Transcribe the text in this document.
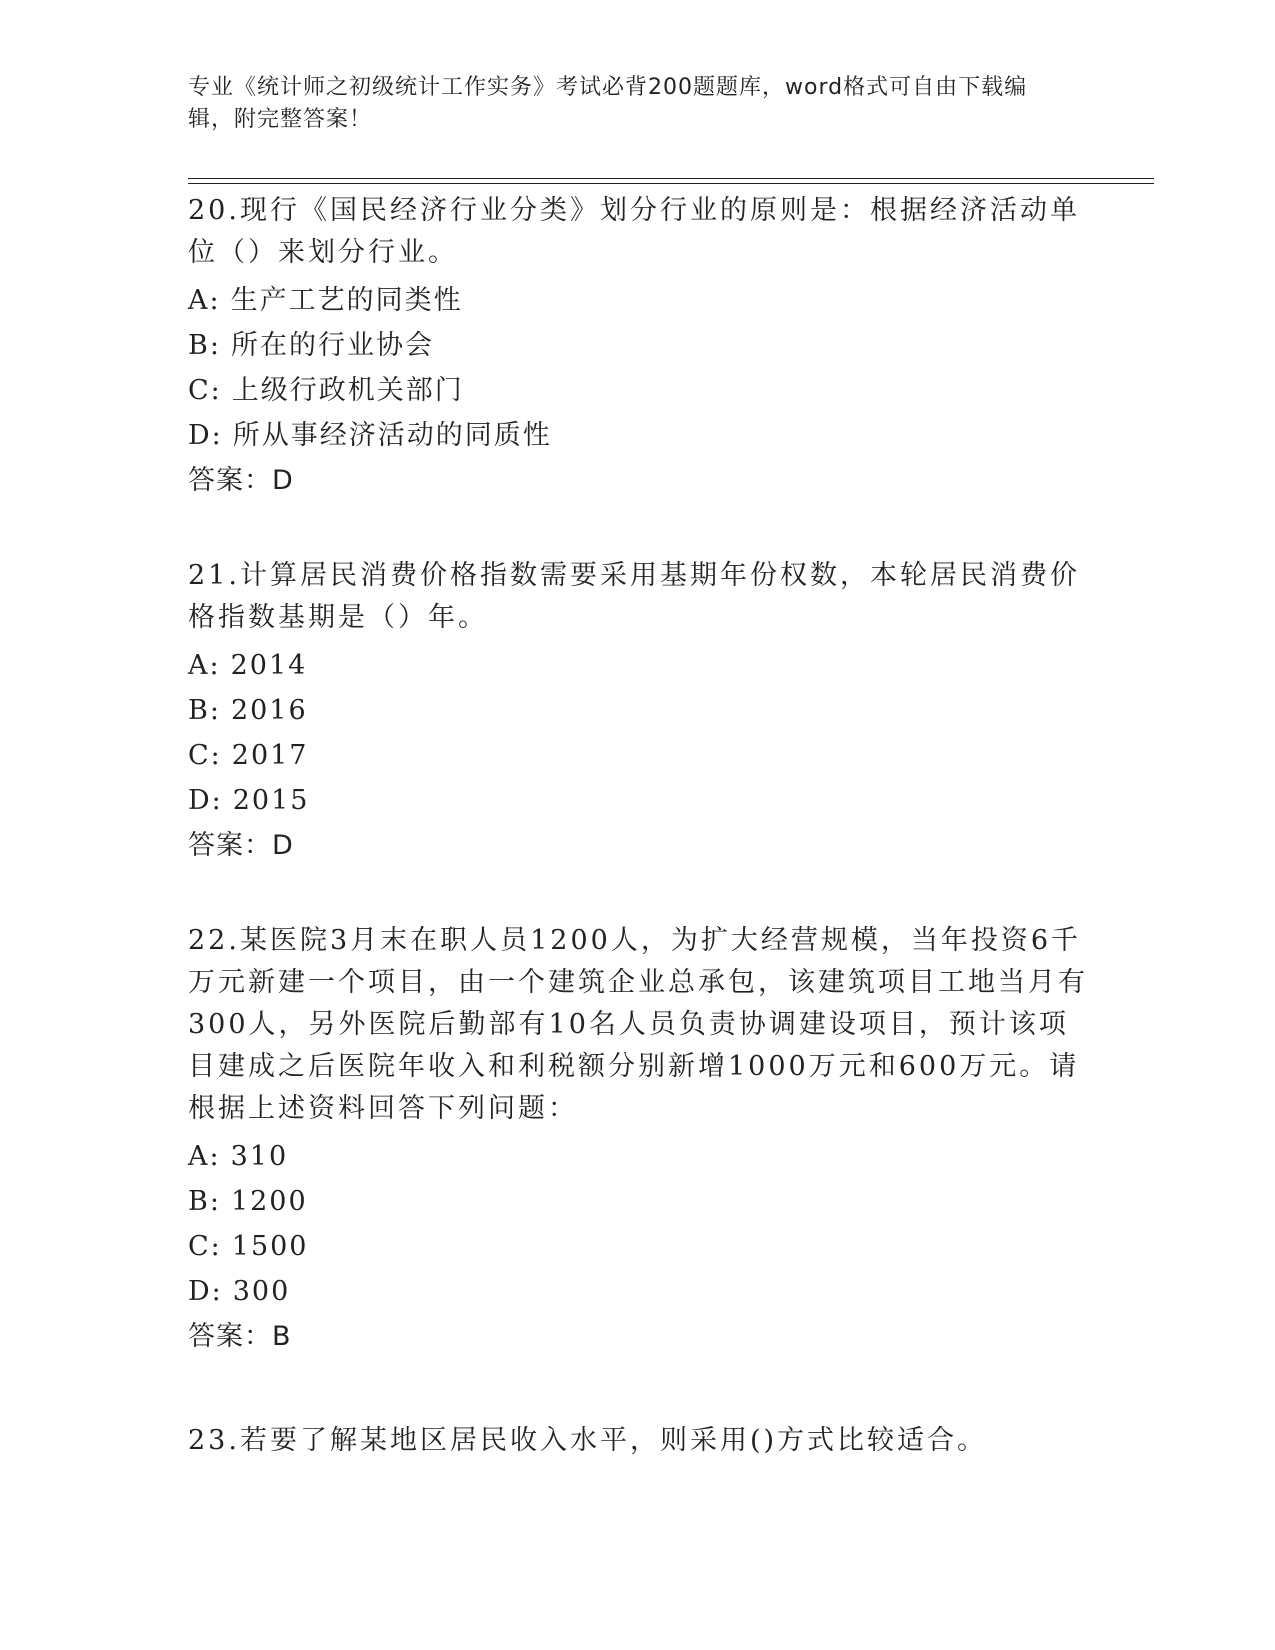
专业《统计师之初级统计工作实务》考试必背200题题库，word格式可自由下载编辑，附完整答案！
20.现行《国民经济行业分类》划分行业的原则是：根据经济活动单位（）来划分行业。
A: 生产工艺的同类性
B: 所在的行业协会
C: 上级行政机关部门
D: 所从事经济活动的同质性
答案：D
21.计算居民消费价格指数需要采用基期年份权数，本轮居民消费价格指数基期是（）年。
A: 2014
B: 2016
C: 2017
D: 2015
答案：D
22.某医院3月末在职人员1200人，为扩大经营规模，当年投资6千万元新建一个项目，由一个建筑企业总承包，该建筑项目工地当月有300人，另外医院后勤部有10名人员负责协调建设项目，预计该项目建成之后医院年收入和利税额分别新增1000万元和600万元。请根据上述资料回答下列问题：
A: 310
B: 1200
C: 1500
D: 300
答案：B
23.若要了解某地区居民收入水平，则采用()方式比较适合。
